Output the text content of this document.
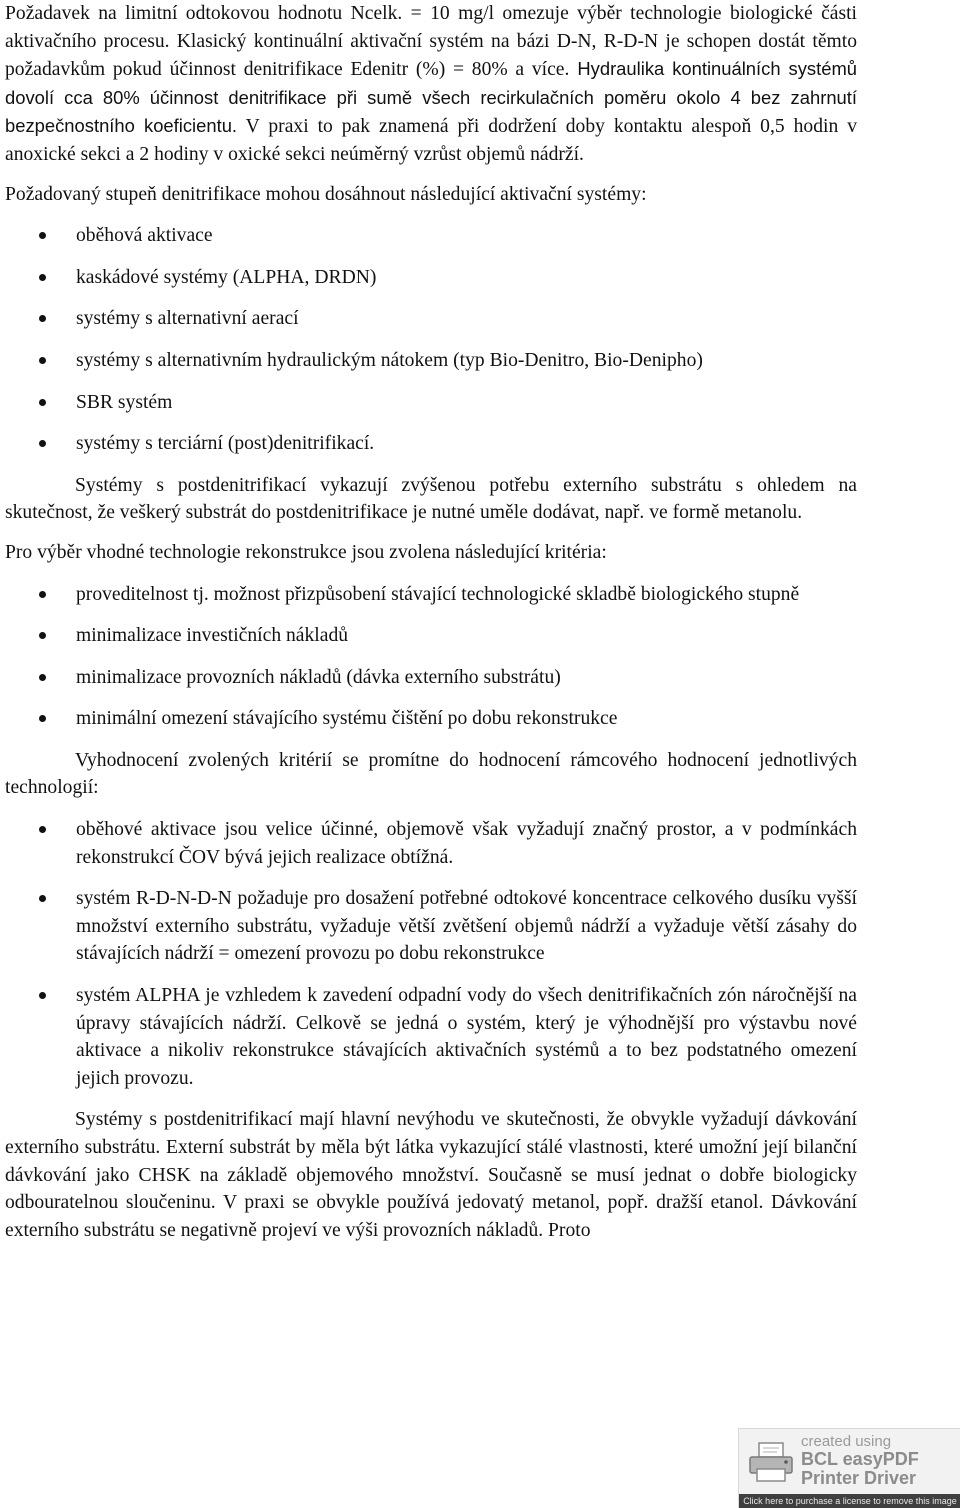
Požadavek na limitní odtokovou hodnotu Ncelk. = 10 mg/l omezuje výběr technologie biologické části aktivačního procesu. Klasický kontinuální aktivační systém na bázi D-N, R-D-N je schopen dostát těmto požadavkům pokud účinnost denitrifikace Edenitr (%) = 80% a více. Hydraulika kontinuálních systémů dovolí cca 80% účinnost denitrifikace při sumě všech recirkulačních poměru okolo 4 bez zahrnutí bezpečnostního koeficientu. V praxi to pak znamená při dodržení doby kontaktu alespoň 0,5 hodin v anoxické sekci a 2 hodiny v oxické sekci neúměrný vzrůst objemů nádrží.

Požadovaný stupeň denitrifikace mohou dosáhnout následující aktivační systémy:

oběhová aktivace
kaskádové systémy (ALPHA, DRDN)
systémy s alternativní aerací
systémy s alternativním hydraulickým nátokem (typ Bio-Denitro, Bio-Denipho)
SBR systém
systémy s terciární (post)denitrifikací.

Systémy s postdenitrifikací vykazují zvýšenou potřebu externího substrátu s ohledem na skutečnost, že veškerý substrát do postdenitrifikace je nutné uměle dodávat, např. ve formě metanolu.

Pro výběr vhodné technologie rekonstrukce jsou zvolena následující kritéria:

proveditelnost tj. možnost přizpůsobení stávající technologické skladbě biologického stupně
minimalizace investičních nákladů
minimalizace provozních nákladů (dávka externího substrátu)
minimální omezení stávajícího systému čištění po dobu rekonstrukce

Vyhodnocení zvolených kritérií se promítne do hodnocení rámcového hodnocení jednotlivých technologií:

oběhové aktivace jsou velice účinné, objemově však vyžadují značný prostor, a v podmínkách rekonstrukcí ČOV bývá jejich realizace obtížná.
systém R-D-N-D-N požaduje pro dosažení potřebné odtokové koncentrace celkového dusíku vyšší množství externího substrátu, vyžaduje větší zvětšení objemů nádrží a vyžaduje větší zásahy do stávajících nádrží = omezení provozu po dobu rekonstrukce
systém ALPHA je vzhledem k zavedení odpadní vody do všech denitrifikačních zón náročnější na úpravy stávajících nádrží. Celkově se jedná o systém, který je výhodnější pro výstavbu nové aktivace a nikoliv rekonstrukce stávajících aktivačních systémů a to bez podstatného omezení jejich provozu.

Systémy s postdenitrifikací mají hlavní nevýhodu ve skutečnosti, že obvykle vyžadují dávkování externího substrátu. Externí substrát by měla být látka vykazující stálé vlastnosti, které umožní její bilanční dávkování jako CHSK na základě objemového množství. Současně se musí jednat o dobře biologicky odbouratelnou sloučeninu. V praxi se obvykle používá jedovatý metanol, popř. dražší etanol. Dávkování externího substrátu se negativně projeví ve výši provozních nákladů. Proto

created using
BCL easyPDF
Printer Driver
Click here to purchase a license to remove this image
